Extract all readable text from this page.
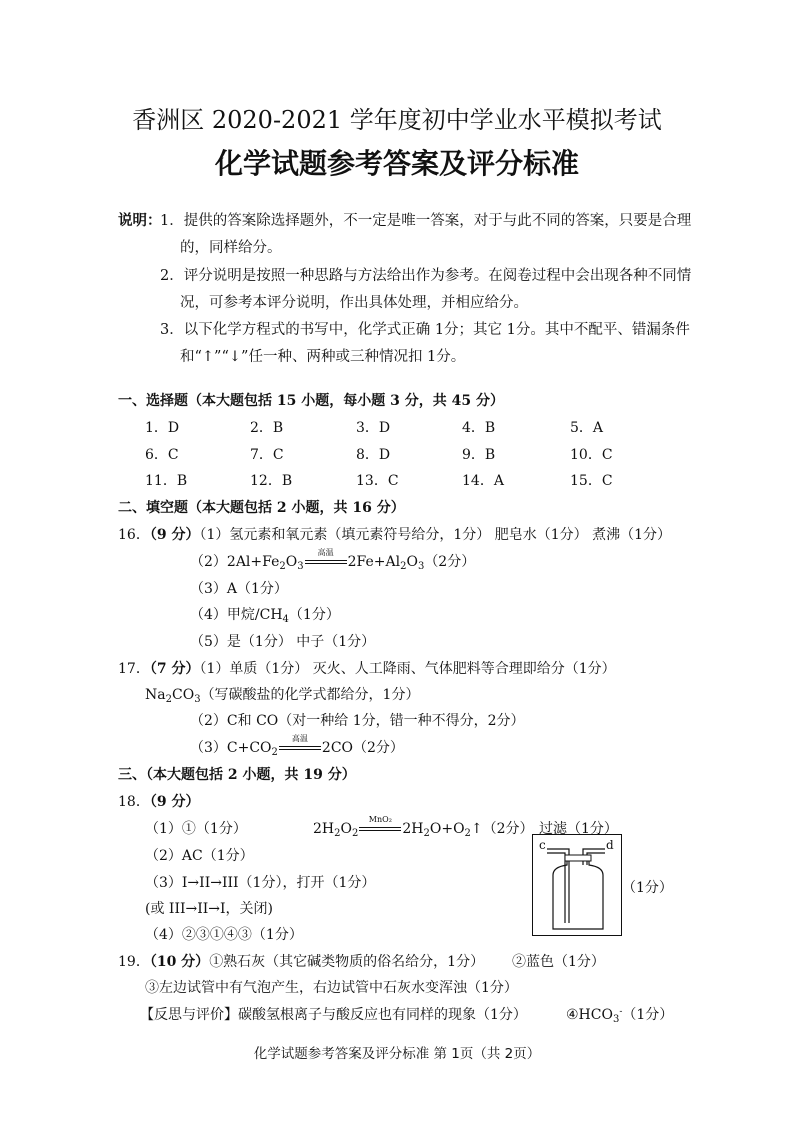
香洲区 2020-2021 学年度初中学业水平模拟考试
化学试题参考答案及评分标准
说明：
1．提供的答案除选择题外，不一定是唯一答案，对于与此不同的答案，只要是合理
的，同样给分。
2．评分说明是按照一种思路与方法给出作为参考。在阅卷过程中会出现各种不同情
况，可参考本评分说明，作出具体处理，并相应给分。
3．以下化学方程式的书写中，化学式正确 1分；其它 1分。其中不配平、错漏条件
和“↑”“↓”任一种、两种或三种情况扣 1分。
一、选择题（本大题包括 15 小题，每小题 3 分，共 45 分）
1．D	2．B	3．D	4．B	5．A
6．C	7．C	8．D	9．B	10．C
11．B	12．B	13．C	14．A	15．C
二、填空题（本大题包括 2 小题，共 16 分）
16．（9 分）（1）氢元素和氧元素（填元素符号给分，1分） 肥皂水（1分） 煮沸（1分）
$(2)2Al+Fe_2O_3$
高温
$2Fe+Al_2O_3(2$分）
（3）A（1分）
（4）甲烷$/CH_4(1$分）
（5）是（1分） 中子（1分）
17．（7 分）（1）单质（1分） 灭火、人工降雨、气体肥料等合理即给分（1分）
$Na_2CO_3$（写碳酸盐的化学式都给分，1分）
（2）C和 CO（对一种给 1分，错一种不得分，2分）
$(3)C+CO_2$
高温
2CO（2分）
三、（本大题包括 2 小题，共 19 分）
18．（9 分）
（1）①（1分）	$2H_2O_2$
MnO₂
$2H_2O+O_2↑(2$分） 过滤（1分）
（2）AC（1分）
（3）I→II→III（1分），打开（1分）
(或 III→II→I，关闭)
（4）②③①④③（1分）
c	d
（1分）
19．（10 分）①熟石灰（其它碱类物质的俗名给分，1分） ②蓝色（1分）
③左边试管中有气泡产生，右边试管中石灰水变浑浊（1分）
【反思与评价】碳酸氢根离子与酸反应也有同样的现象（1分）	$④HCO_3^-(1$分）
化学试题参考答案及评分标准 第 1页（共 2页）
